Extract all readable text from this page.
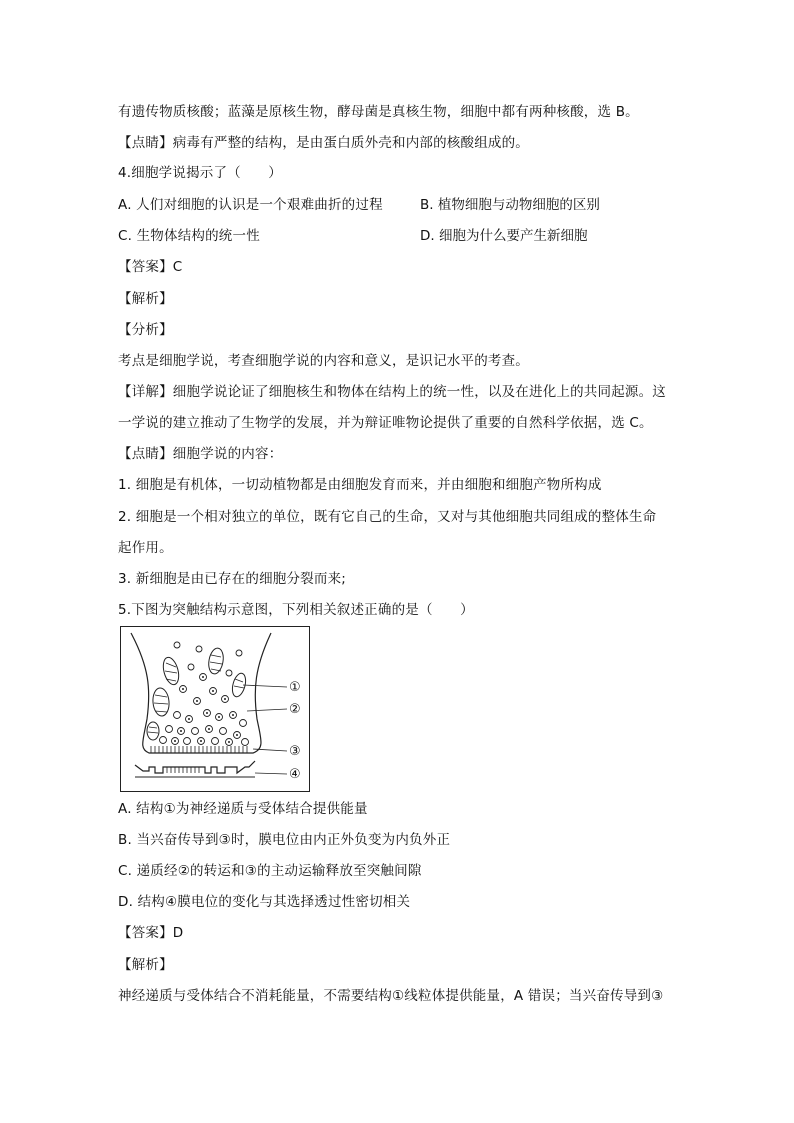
有遗传物质核酸；蓝藻是原核生物，酵母菌是真核生物，细胞中都有两种核酸，选 B。
【点睛】病毒有严整的结构，是由蛋白质外壳和内部的核酸组成的。
4.细胞学说揭示了（　　）
A. 人们对细胞的认识是一个艰难曲折的过程	B. 植物细胞与动物细胞的区别
C. 生物体结构的统一性	D. 细胞为什么要产生新细胞
【答案】C
【解析】
【分析】
考点是细胞学说，考查细胞学说的内容和意义，是识记水平的考查。
【详解】细胞学说论证了细胞核生和物体在结构上的统一性，以及在进化上的共同起源。这
一学说的建立推动了生物学的发展，并为辩证唯物论提供了重要的自然科学依据，选 C。
【点睛】细胞学说的内容：
1. 细胞是有机体，一切动植物都是由细胞发育而来，并由细胞和细胞产物所构成
2. 细胞是一个相对独立的单位，既有它自己的生命，又对与其他细胞共同组成的整体生命
起作用。
3. 新细胞是由已存在的细胞分裂而来;
5.下图为突触结构示意图，下列相关叙述正确的是（　　）
①
②
③
④
A. 结构①为神经递质与受体结合提供能量
B. 当兴奋传导到③时，膜电位由内正外负变为内负外正
C. 递质经②的转运和③的主动运输释放至突触间隙
D. 结构④膜电位的变化与其选择透过性密切相关
【答案】D
【解析】
神经递质与受体结合不消耗能量，不需要结构①线粒体提供能量，A 错误；当兴奋传导到③
